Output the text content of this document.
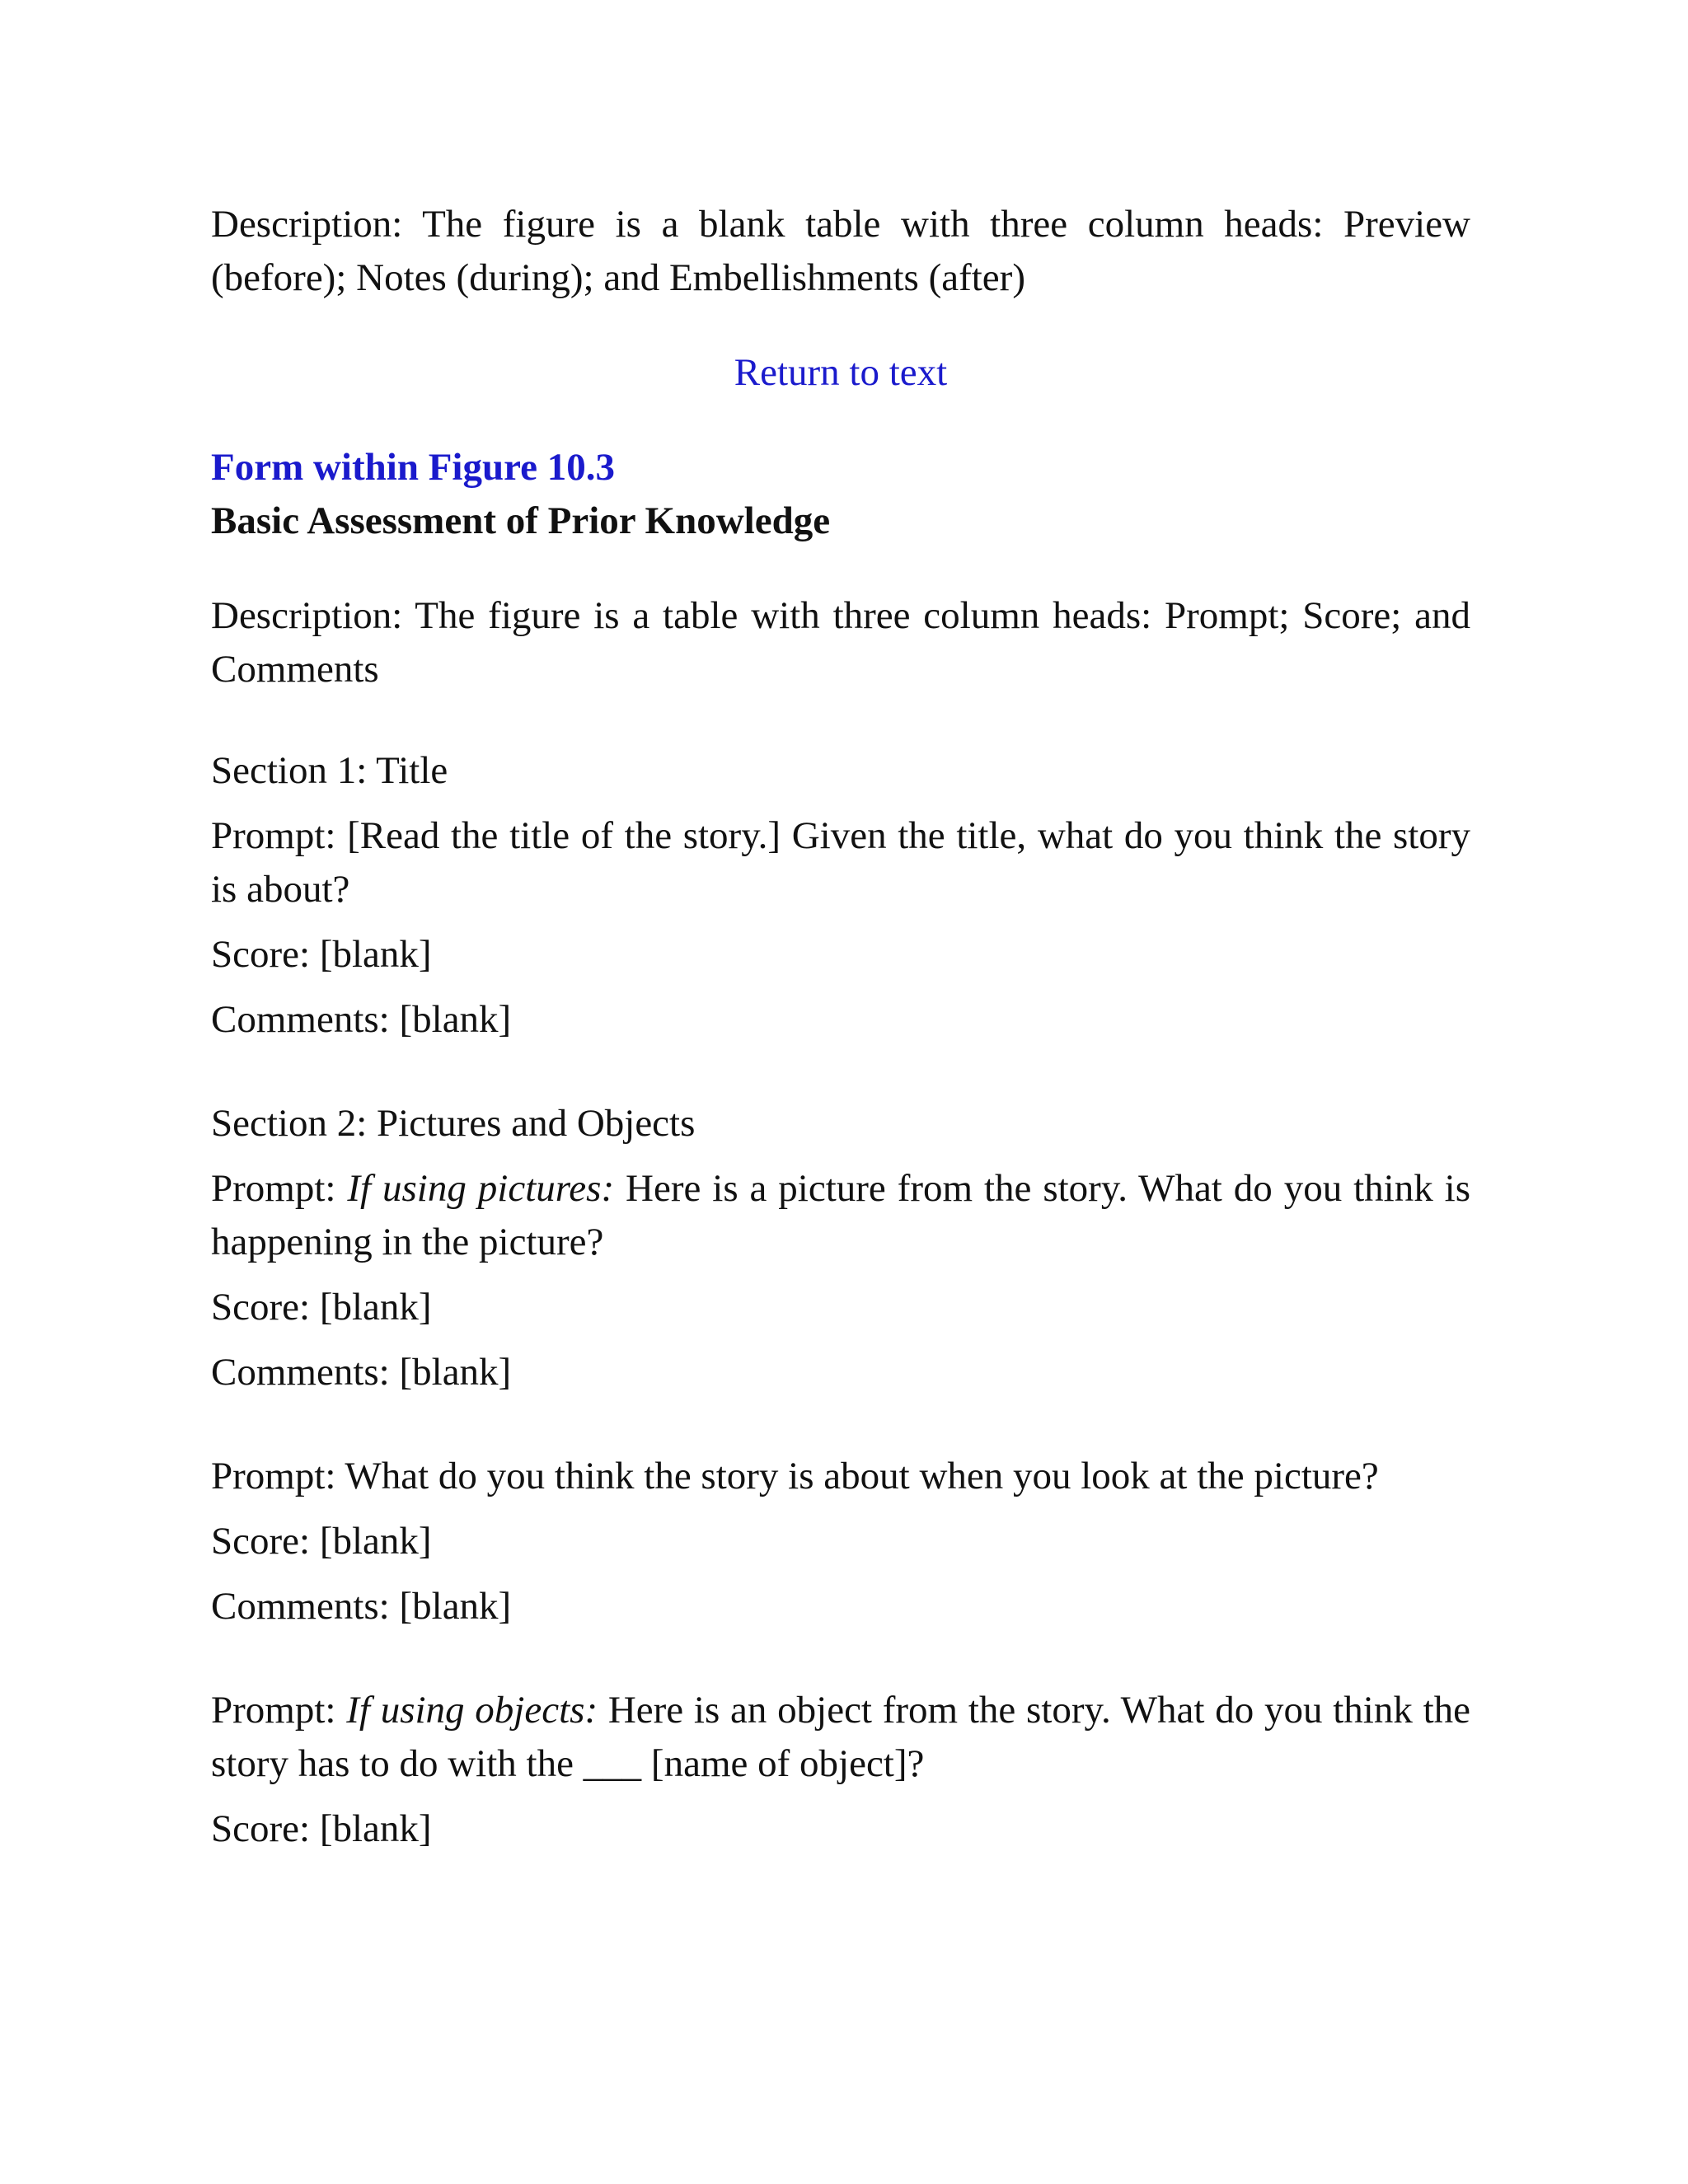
Description: The figure is a blank table with three column heads: Preview (before); Notes (during); and Embellishments (after)

Return to text

Form within Figure 10.3

Basic Assessment of Prior Knowledge

Description: The figure is a table with three column heads: Prompt; Score; and Comments

Section 1: Title

Prompt: [Read the title of the story.] Given the title, what do you think the story is about?

Score: [blank]

Comments: [blank]

Section 2: Pictures and Objects

Prompt: If using pictures: Here is a picture from the story. What do you think is happening in the picture?

Score: [blank]

Comments: [blank]

Prompt: What do you think the story is about when you look at the picture?

Score: [blank]

Comments: [blank]

Prompt: If using objects: Here is an object from the story. What do you think the story has to do with the ___ [name of object]?

Score: [blank]
